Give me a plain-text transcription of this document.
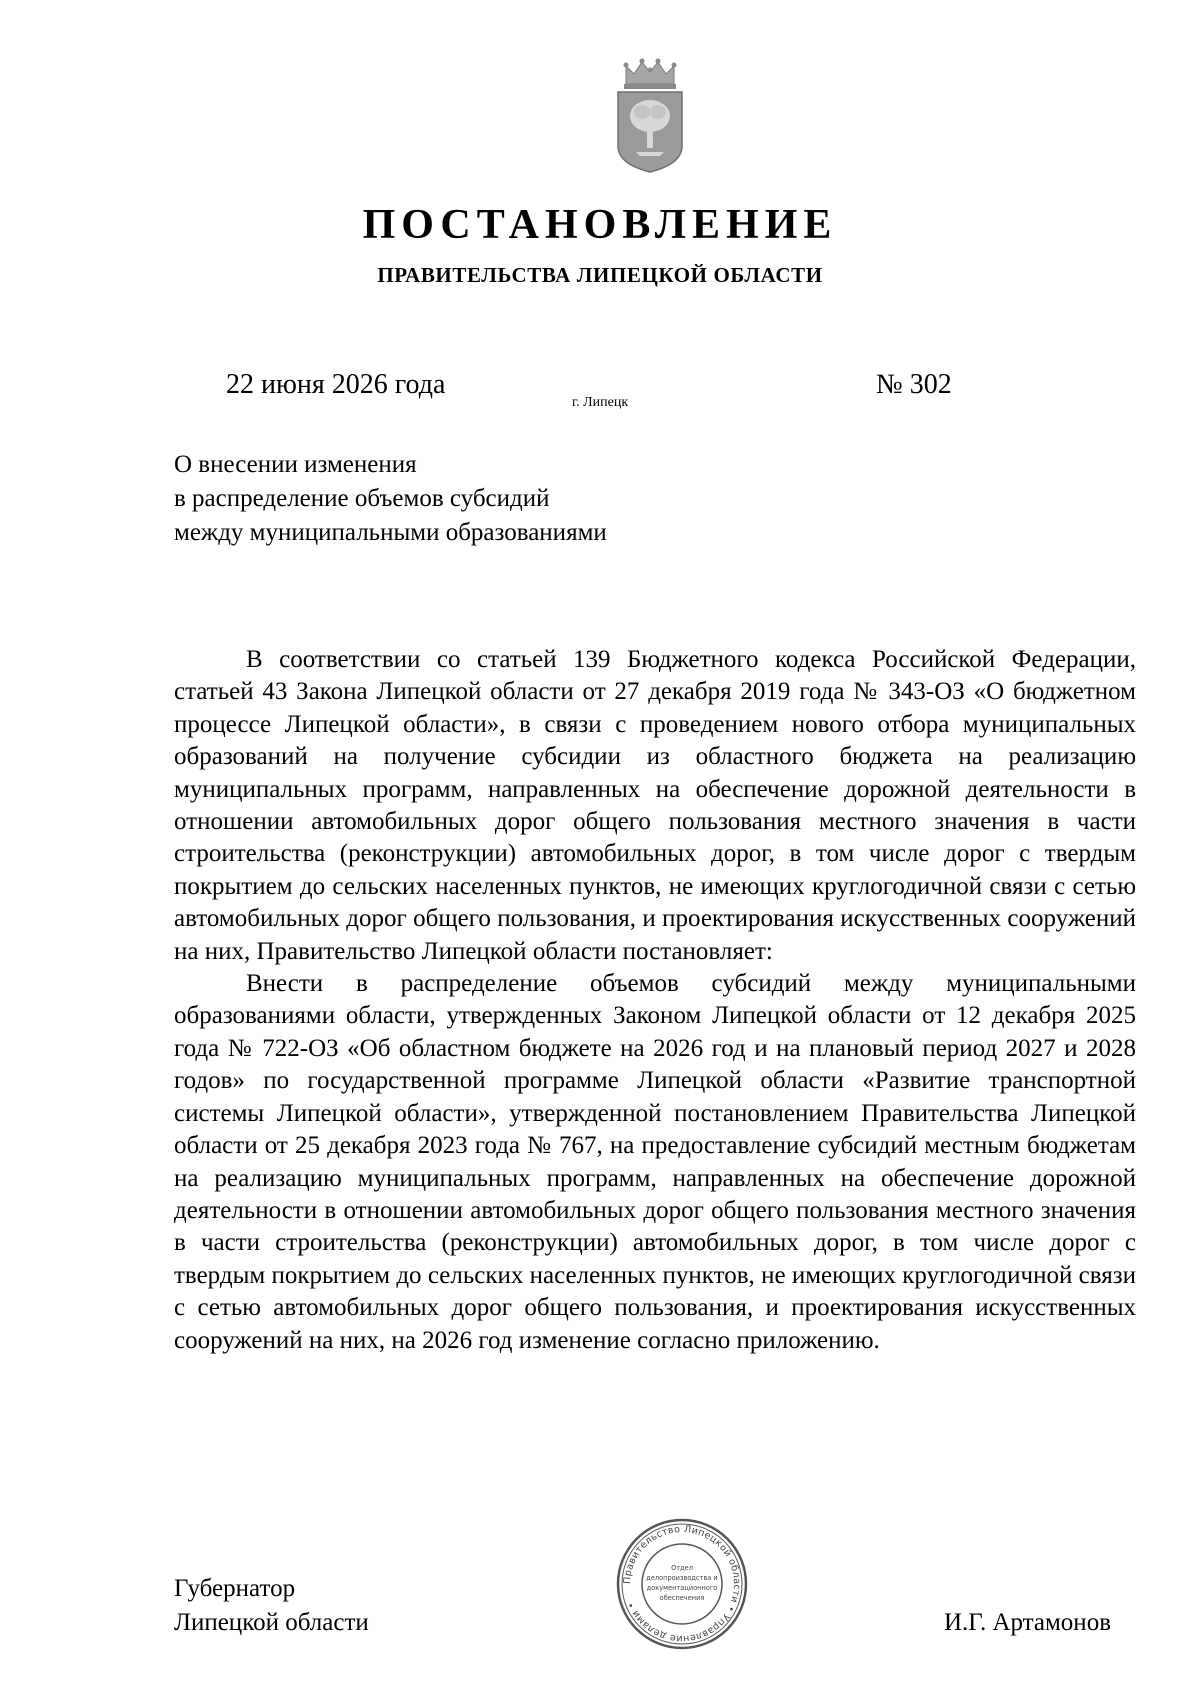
ПОСТАНОВЛЕНИЕ
ПРАВИТЕЛЬСТВА ЛИПЕЦКОЙ ОБЛАСТИ
22 июня 2026 года
г. Липецк
№ 302
О внесении изменения
в распределение объемов субсидий
между муниципальными образованиями

В соответствии со статьей 139 Бюджетного кодекса Российской Федерации, статьей 43 Закона Липецкой области от 27 декабря 2019 года № 343-ОЗ «О бюджетном процессе Липецкой области», в связи с проведением нового отбора муниципальных образований на получение субсидии из областного бюджета на реализацию муниципальных программ, направленных на обеспечение дорожной деятельности в отношении автомобильных дорог общего пользования местного значения в части строительства (реконструкции) автомобильных дорог, в том числе дорог с твердым покрытием до сельских населенных пунктов, не имеющих круглогодичной связи с сетью автомобильных дорог общего пользования, и проектирования искусственных сооружений на них, Правительство Липецкой области постановляет:

Внести в распределение объемов субсидий между муниципальными образованиями области, утвержденных Законом Липецкой области от 12 декабря 2025 года № 722-ОЗ «Об областном бюджете на 2026 год и на плановый период 2027 и 2028 годов» по государственной программе Липецкой области «Развитие транспортной системы Липецкой области», утвержденной постановлением Правительства Липецкой области от 25 декабря 2023 года № 767, на предоставление субсидий местным бюджетам на реализацию муниципальных программ, направленных на обеспечение дорожной деятельности в отношении автомобильных дорог общего пользования местного значения в части строительства (реконструкции) автомобильных дорог, в том числе дорог с твердым покрытием до сельских населенных пунктов, не имеющих круглогодичной связи с сетью автомобильных дорог общего пользования, и проектирования искусственных сооружений на них, на 2026 год изменение согласно приложению.

Губернатор
Липецкой области	И.Г. Артамонов
Правительство Липецкой области • Управление делами •
Отдел
делопроизводства и
документационного
обеспечения
